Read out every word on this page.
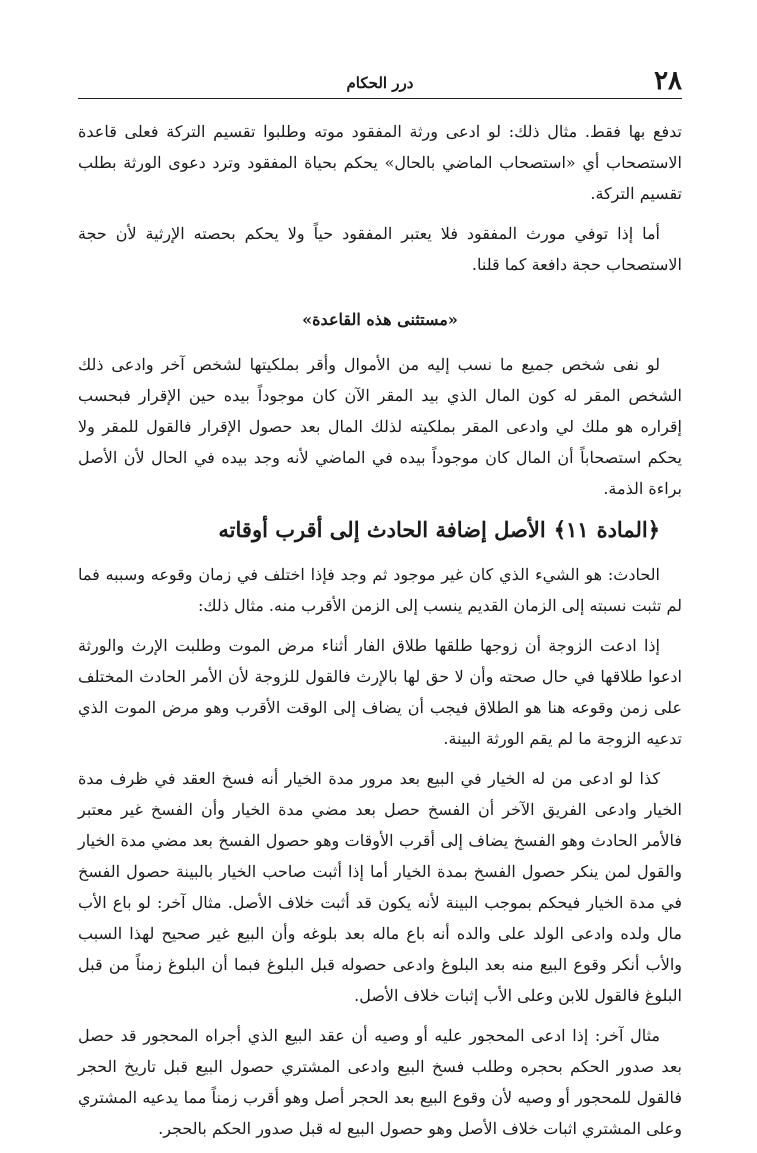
٢٨
درر الحكام

تدفع بها فقط. مثال ذلك: لو ادعى ورثة المفقود موته وطلبوا تقسيم التركة فعلى قاعدة الاستصحاب أي «استصحاب الماضي بالحال» يحكم بحياة المفقود وترد دعوى الورثة بطلب تقسيم التركة.

أما إذا توفي مورث المفقود فلا يعتبر المفقود حياً ولا يحكم بحصته الإرثية لأن حجة الاستصحاب حجة دافعة كما قلنا.

«مستثنى هذه القاعدة»

لو نفى شخص جميع ما نسب إليه من الأموال وأقر بملكيتها لشخص آخر وادعى ذلك الشخص المقر له كون المال الذي بيد المقر الآن كان موجوداً بيده حين الإقرار فبحسب إقراره هو ملك لي وادعى المقر بملكيته لذلك المال بعد حصول الإقرار فالقول للمقر ولا يحكم استصحاباً أن المال كان موجوداً بيده في الماضي لأنه وجد بيده في الحال لأن الأصل براءة الذمة.

﴿المادة١١﴾الأصل إضافة الحادث إلى أقرب أوقاته

الحادث: هو الشيء الذي كان غير موجود ثم وجد فإذا اختلف في زمان وقوعه وسببه فما لم تثبت نسبته إلى الزمان القديم ينسب إلى الزمن الأقرب منه. مثال ذلك:

إذا ادعت الزوجة أن زوجها طلقها طلاق الفار أثناء مرض الموت وطلبت الإرث والورثة ادعوا طلاقها في حال صحته وأن لا حق لها بالإرث فالقول للزوجة لأن الأمر الحادث المختلف على زمن وقوعه هنا هو الطلاق فيجب أن يضاف إلى الوقت الأقرب وهو مرض الموت الذي تدعيه الزوجة ما لم يقم الورثة البينة.

كذا لو ادعى من له الخيار في البيع بعد مرور مدة الخيار أنه فسخ العقد في ظرف مدة الخيار وادعى الفريق الآخر أن الفسخ حصل بعد مضي مدة الخيار وأن الفسخ غير معتبر فالأمر الحادث وهو الفسخ يضاف إلى أقرب الأوقات وهو حصول الفسخ بعد مضي مدة الخيار والقول لمن ينكر حصول الفسخ بمدة الخيار أما إذا أثبت صاحب الخيار بالبينة حصول الفسخ في مدة الخيار فيحكم بموجب البينة لأنه يكون قد أثبت خلاف الأصل. مثال آخر: لو باع الأب مال ولده وادعى الولد على والده أنه باع ماله بعد بلوغه وأن البيع غير صحيح لهذا السبب والأب أنكر وقوع البيع منه بعد البلوغ وادعى حصوله قبل البلوغ فبما أن البلوغ زمناً من قبل البلوغ فالقول للابن وعلى الأب إثبات خلاف الأصل.

مثال آخر: إذا ادعى المحجور عليه أو وصيه أن عقد البيع الذي أجراه المحجور قد حصل بعد صدور الحكم بحجره وطلب فسخ البيع وادعى المشتري حصول البيع قبل تاريخ الحجر فالقول للمحجور أو وصيه لأن وقوع البيع بعد الحجر أصل وهو أقرب زمناً مما يدعيه المشتري وعلى المشتري اثبات خلاف الأصل وهو حصول البيع له قبل صدور الحكم بالحجر.
